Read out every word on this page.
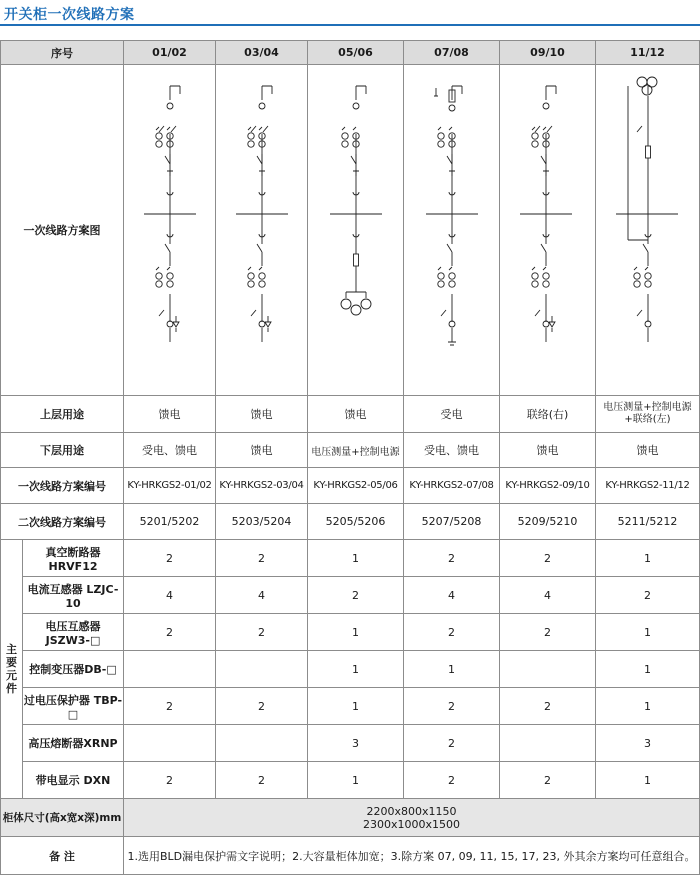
开关柜一次线路方案
序号		01/02	03/04	05/06	07/08	09/10	11/12
一次线路方案图	

上层用途		馈电	馈电	馈电	受电	联络(右)	电压测量+控制电源+联络(左)
下层用途		受电、馈电	馈电	电压测量+控制电源	受电、馈电	馈电	馈电
一次线路方案编号		KY-HRKGS2-01/02	KY-HRKGS2-03/04	KY-HRKGS2-05/06	KY-HRKGS2-07/08	KY-HRKGS2-09/10	KY-HRKGS2-11/12
二次线路方案编号		5201/5202	5203/5204	5205/5206	5207/5208	5209/5210	5211/5212

主要元件	真空断路器 HRVF12	2	2	1	2	2	1
	电流互感器 LZJC-10	4	4	2	4	4	2
	电压互感器 JSZW3-□	2	2	1	2	2	1
	控制变压器DB-□			1	1		1
	过电压保护器 TBP-□	2	2	1	2	2	1
	高压熔断器XRNP			3	2		3
	带电显示 DXN	2	2	1	2	2	1
柜体尺寸(高x宽x深)mm		2200x800x1150
2300x1000x1500					

备 注		1.选用BLD漏电保护需文字说明；2.大容量柜体加宽；3.除方案 07, 09, 11, 15, 17, 23, 外其余方案均可任意组合。					
